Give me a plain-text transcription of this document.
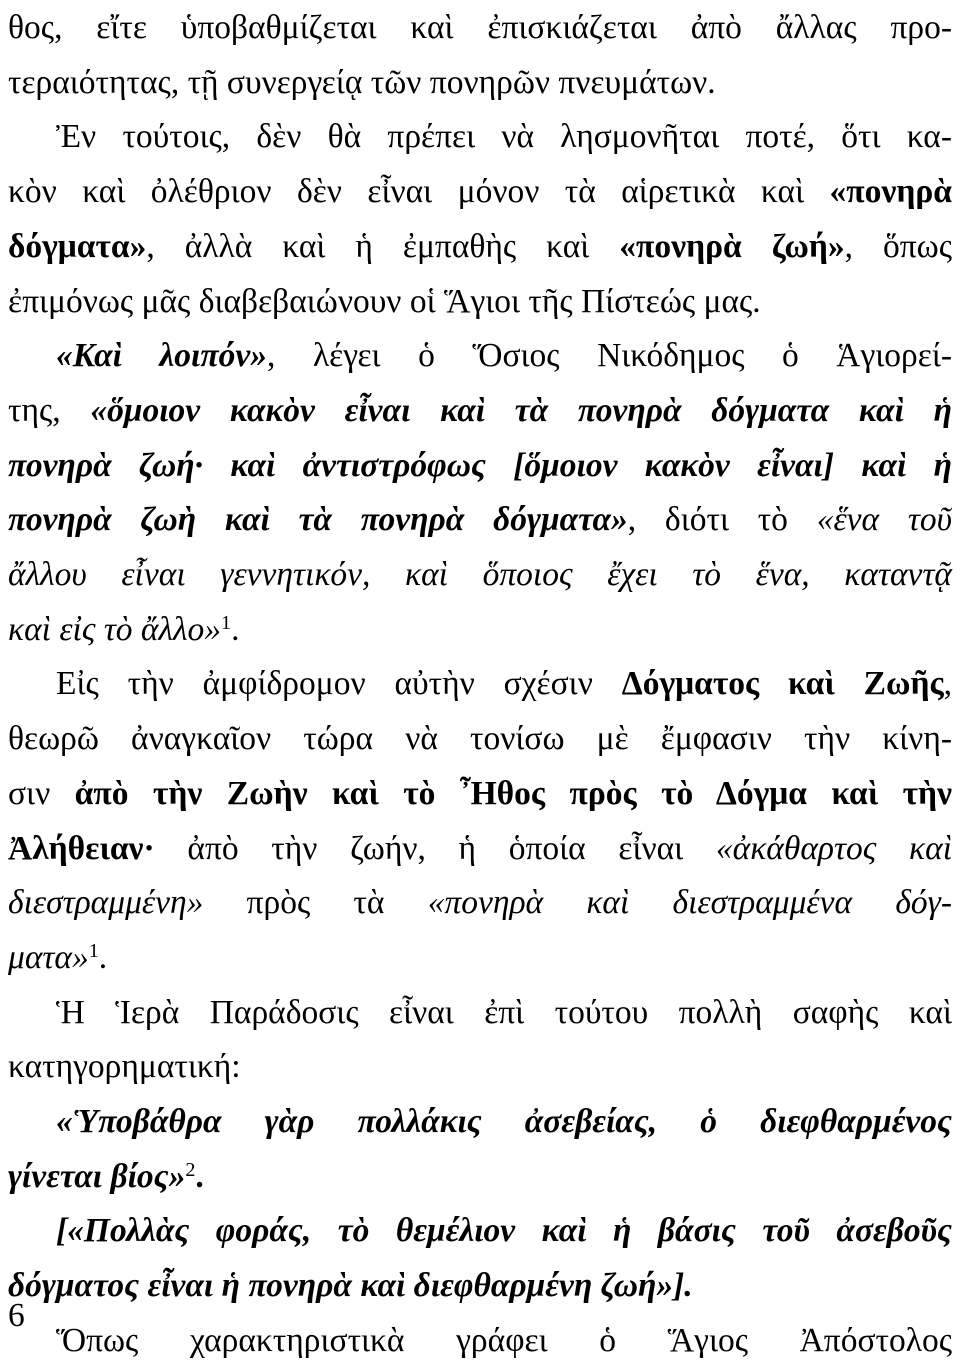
θος, εἴτε ὑποβαθμίζεται καὶ ἐπισκιάζεται ἀπὸ ἄλλας προ-
τεραιότητας, τῇ συνεργείᾳ τῶν πονηρῶν πνευμάτων.
Ἐν τούτοις, δὲν θὰ πρέπει νὰ λησμονῆται ποτέ, ὅτι κα-
κὸν καὶ ὀλέθριον δὲν εἶναι μόνον τὰ αἱρετικὰ καὶ «πονηρὰ
δόγματα», ἀλλὰ καὶ ἡ ἐμπαθὴς καὶ «πονηρὰ ζωή», ὅπως
ἐπιμόνως μᾶς διαβεβαιώνουν οἱ Ἅγιοι τῆς Πίστεώς μας.
«Καὶ λοιπόν», λέγει ὁ Ὅσιος Νικόδημος ὁ Ἁγιορεί-
της, «ὅμοιον κακὸν εἶναι καὶ τὰ πονηρὰ δόγματα καὶ ἡ
πονηρὰ ζωή· καὶ ἀντιστρόφως [ὅμοιον κακὸν εἶναι] καὶ ἡ
πονηρὰ ζωὴ καὶ τὰ πονηρὰ δόγματα», διότι τὸ «ἕνα τοῦ
ἄλλου εἶναι γεννητικόν, καὶ ὅποιος ἔχει τὸ ἕνα, καταντᾷ
καὶ εἰς τὸ ἄλλο»$^1$.
Εἰς τὴν ἀμφίδρομον αὐτὴν σχέσιν Δόγματος καὶ Ζωῆς,
θεωρῶ ἀναγκαῖον τώρα νὰ τονίσω μὲ ἔμφασιν τὴν κίνη-
σιν ἀπὸ τὴν Ζωὴν καὶ τὸ Ἦθος πρὸς τὸ Δόγμα καὶ τὴν
Ἀλήθειαν· ἀπὸ τὴν ζωήν, ἡ ὁποία εἶναι «ἀκάθαρτος καὶ
διεστραμμένη» πρὸς τὰ «πονηρὰ καὶ διεστραμμένα δόγ-
ματα»$^1$.
Ἡ Ἱερὰ Παράδοσις εἶναι ἐπὶ τούτου πολλὴ σαφὴς καὶ
κατηγορηματική:
«Ὑποβάθρα γὰρ πολλάκις ἀσεβείας, ὁ διεφθαρμένος
γίνεται βίος»$^2$.
[«Πολλὰς φοράς, τὸ θεμέλιον καὶ ἡ βάσις τοῦ ἀσεβοῦς
δόγματος εἶναι ἡ πονηρὰ καὶ διεφθαρμένη ζωή»].
Ὅπως χαρακτηριστικὰ γράφει ὁ Ἅγιος Ἀπόστολος
6
